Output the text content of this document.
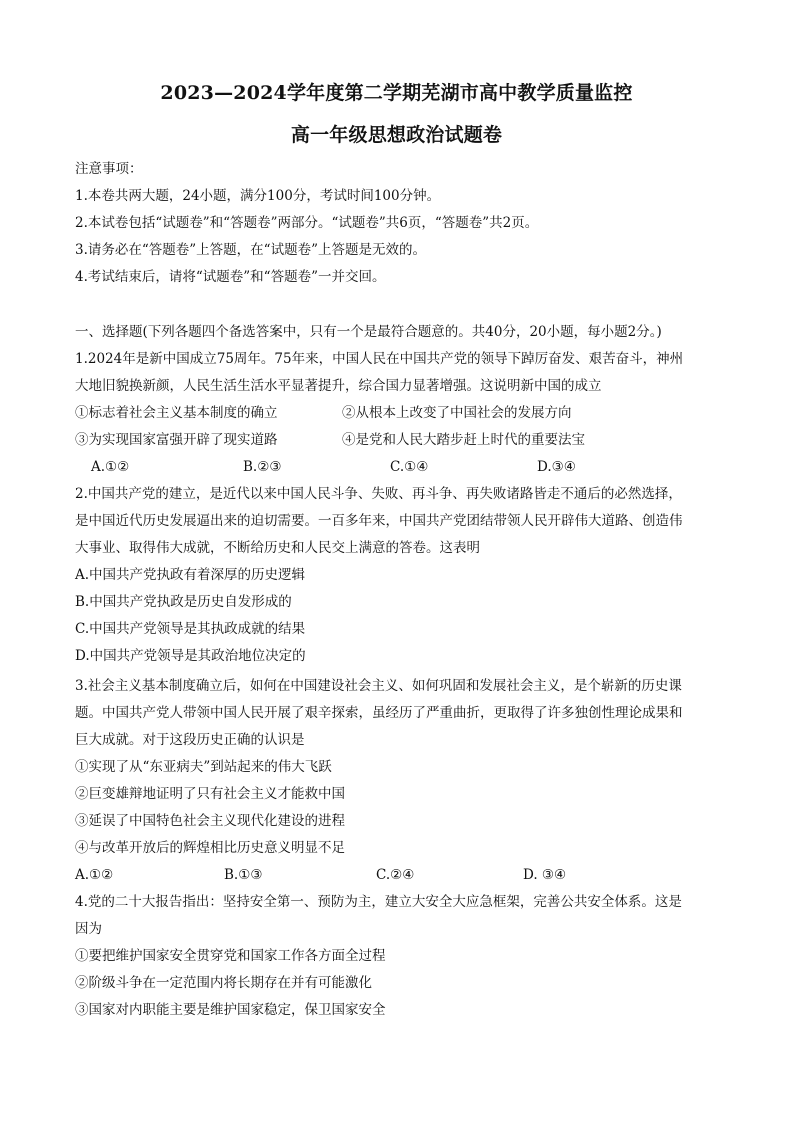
2023—2024学年度第二学期芜湖市高中教学质量监控
高一年级思想政治试题卷
注意事项：
1.本卷共两大题，24小题，满分100分，考试时间100分钟。
2.本试卷包括“试题卷”和“答题卷”两部分。“试题卷”共6页，“答题卷”共2页。
3.请务必在“答题卷”上答题，在“试题卷”上答题是无效的。
4.考试结束后，请将“试题卷”和“答题卷”一并交回。
一、选择题(下列各题四个备选答案中，只有一个是最符合题意的。共40分，20小题，每小题2分。)
1.2024年是新中国成立75周年。75年来，中国人民在中国共产党的领导下踔厉奋发、艰苦奋斗，神州
大地旧貌换新颜，人民生活生活水平显著提升，综合国力显著增强。这说明新中国的成立
①标志着社会主义基本制度的确立	②从根本上改变了中国社会的发展方向
③为实现国家富强开辟了现实道路	④是党和人民大踏步赶上时代的重要法宝
A.①②	B.②③	C.①④	D.③④
2.中国共产党的建立，是近代以来中国人民斗争、失败、再斗争、再失败诸路皆走不通后的必然选择，
是中国近代历史发展逼出来的迫切需要。一百多年来，中国共产党团结带领人民开辟伟大道路、创造伟
大事业、取得伟大成就，不断给历史和人民交上满意的答卷。这表明
A.中国共产党执政有着深厚的历史逻辑
B.中国共产党执政是历史自发形成的
C.中国共产党领导是其执政成就的结果
D.中国共产党领导是其政治地位决定的
3.社会主义基本制度确立后，如何在中国建设社会主义、如何巩固和发展社会主义，是个崭新的历史课
题。中国共产党人带领中国人民开展了艰辛探索，虽经历了严重曲折，更取得了许多独创性理论成果和
巨大成就。对于这段历史正确的认识是
①实现了从“东亚病夫”到站起来的伟大飞跃
②巨变雄辩地证明了只有社会主义才能救中国
③延误了中国特色社会主义现代化建设的进程
④与改革开放后的辉煌相比历史意义明显不足
A.①②	B.①③	C.②④	D. ③④
4.党的二十大报告指出：坚持安全第一、预防为主，建立大安全大应急框架，完善公共安全体系。这是
因为
①要把维护国家安全贯穿党和国家工作各方面全过程
②阶级斗争在一定范围内将长期存在并有可能激化
③国家对内职能主要是维护国家稳定，保卫国家安全
